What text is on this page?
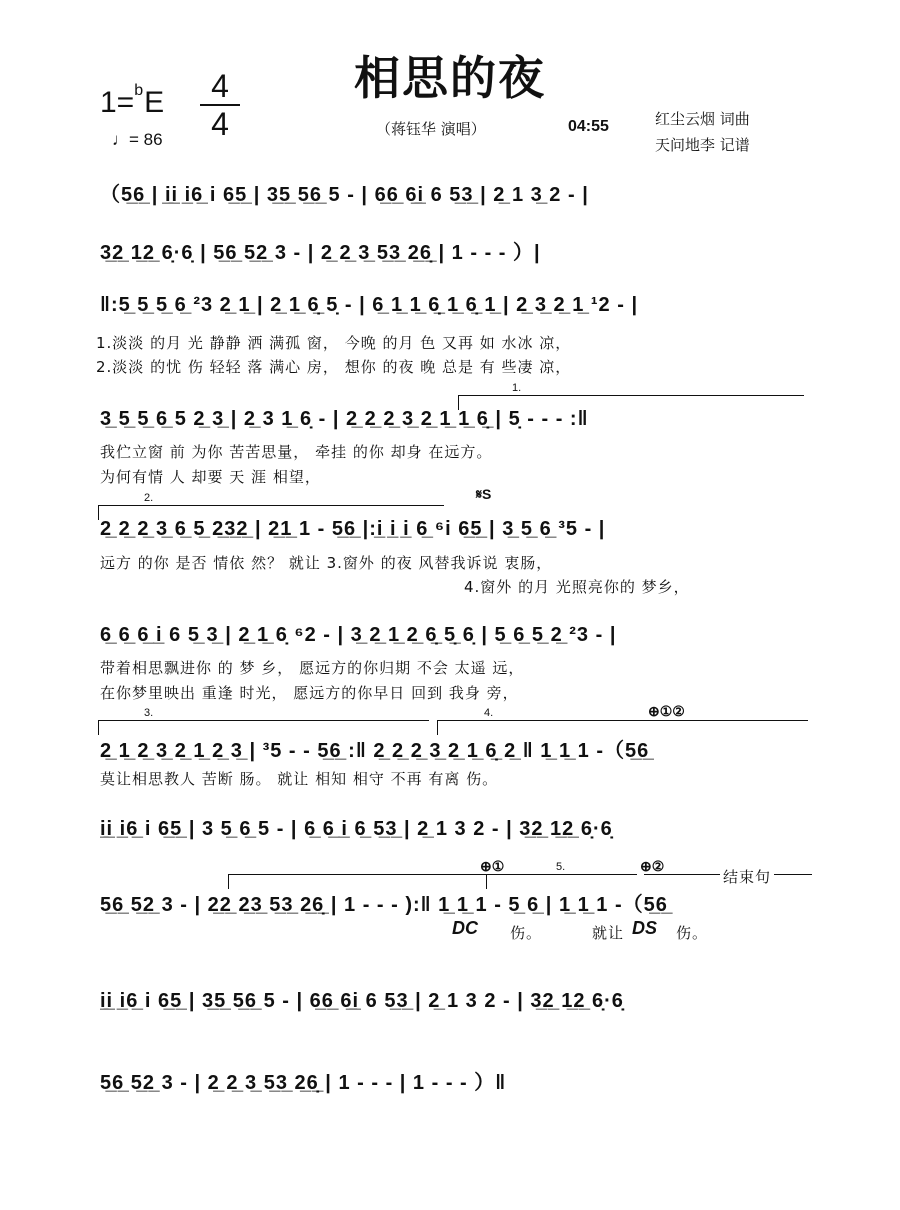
相思的夜
1=$^b$E	4
4
♩= 86
（蒋钰华 演唱）	04:55	红尘云烟 词曲
天问地李 记谱
（5̲6̲ | i̲i̲ i̲6̲ i 6̲5̲ | 3̲5̲ 5̲6̲ 5 - | 6̲6̲ 6̲i̲ 6 5̲3̲ | 2̲ 1 3̲ 2 - |
3̲2̲ 1̲2̲ 6̣·6̣ | 5̲6̲ 5̲2̲ 3 - | 2̲ 2̲ 3̲ 5̲3̲ 2̲6̣̲ | 1 - - - ）|
‖:5̲ 5̲ 5̲ 6̲ ²3 2̲ 1̲ | 2̲ 1̲ 6̣̲ 5̣ - | 6̲ 1̲ 1̲ 6̣̲ 1̲ 6̣̲ 1̲ | 2̲ 3̲ 2̲ 1̲ ¹2 - |
1.淡淡 的月 光 静静 洒 满孤 窗， 今晚 的月 色 又再 如 水冰 凉，
2.淡淡 的忧 伤 轻轻 落 满心 房， 想你 的夜 晚 总是 有 些凄 凉，
1.
3̲ 5̲ 5̲ 6̲ 5 2̲ 3̲ | 2̲ 3 1̲ 6̣ - | 2̲ 2̲ 2̲ 3̲ 2̲ 1̲ 1̲ 6̣̲ | 5̣ - - - :‖
我伫立窗 前 为你 苦苦思量， 牵挂 的你 却身 在远方。
为何有情 人 却要 天 涯 相望，
2.	𝄋S
2̲ 2̲ 2̲ 3̲ 6̲ 5̲ 2̲3̲2̲ | 2̲1̲ 1 - 5̲6̲ |:i̲ i̲ i̲ 6̲ ⁶i 6̲5̲ | 3̲ 5̲ 6̲ ³5 - |
远方 的你 是否 情依 然？ 就让 3.窗外 的夜 风替我诉说 衷肠，
4.窗外 的月 光照亮你的 梦乡，
6̲ 6̲ 6̲ i̲ 6 5̲ 3̲ | 2̲ 1̲ 6̣ ⁶2 - | 3̲ 2̲ 1̲ 2̲ 6̣̲ 5̣̲ 6̣ | 5̲ 6̲ 5̲ 2̲ ²3 - |
带着相思飘进你 的 梦 乡， 愿远方的你归期 不会 太遥 远，
在你梦里映出 重逢 时光， 愿远方的你早日 回到 我身 旁，
3.	4.	⊕①②
2̲ 1̲ 2̲ 3̲ 2̲ 1̲ 2̲ 3̲ | ³5 - - 5̲6̲ :‖ 2̲ 2̲ 2̲ 3̲ 2̲ 1̲ 6̣̲ 2̲ ‖ 1̲ 1̲ 1 -（5̲6̲
莫让相思教人 苦断 肠。 就让 相知 相守 不再 有离 伤。
i̲i̲ i̲6̲ i 6̲5̲ | 3 5̲ 6̲ 5 - | 6̲ 6̲ i̲ 6̲ 5̲3̲ | 2̲ 1 3 2 - | 3̲2̲ 1̲2̲ 6̣·6̣
⊕①	5.	⊕②
结束句
5̲6̲ 5̲2̲ 3 - | 2̲2̲ 2̲3̲ 5̲3̲ 2̲6̣̲ | 1 - - - ):‖ 1̲ 1̲ 1 - 5̲ 6̲ | 1̲ 1̲ 1 -（5̲6̲
DC 伤。	就让 DS 伤。
i̲i̲ i̲6̲ i 6̲5̲ | 3̲5̲ 5̲6̲ 5 - | 6̲6̲ 6̲i̲ 6 5̲3̲ | 2̲ 1 3 2 - | 3̲2̲ 1̲2̲ 6̣·6̣
5̲6̲ 5̲2̲ 3 - | 2̲ 2̲ 3̲ 5̲3̲ 2̲6̣̲ | 1 - - - | 1 - - - ）‖
